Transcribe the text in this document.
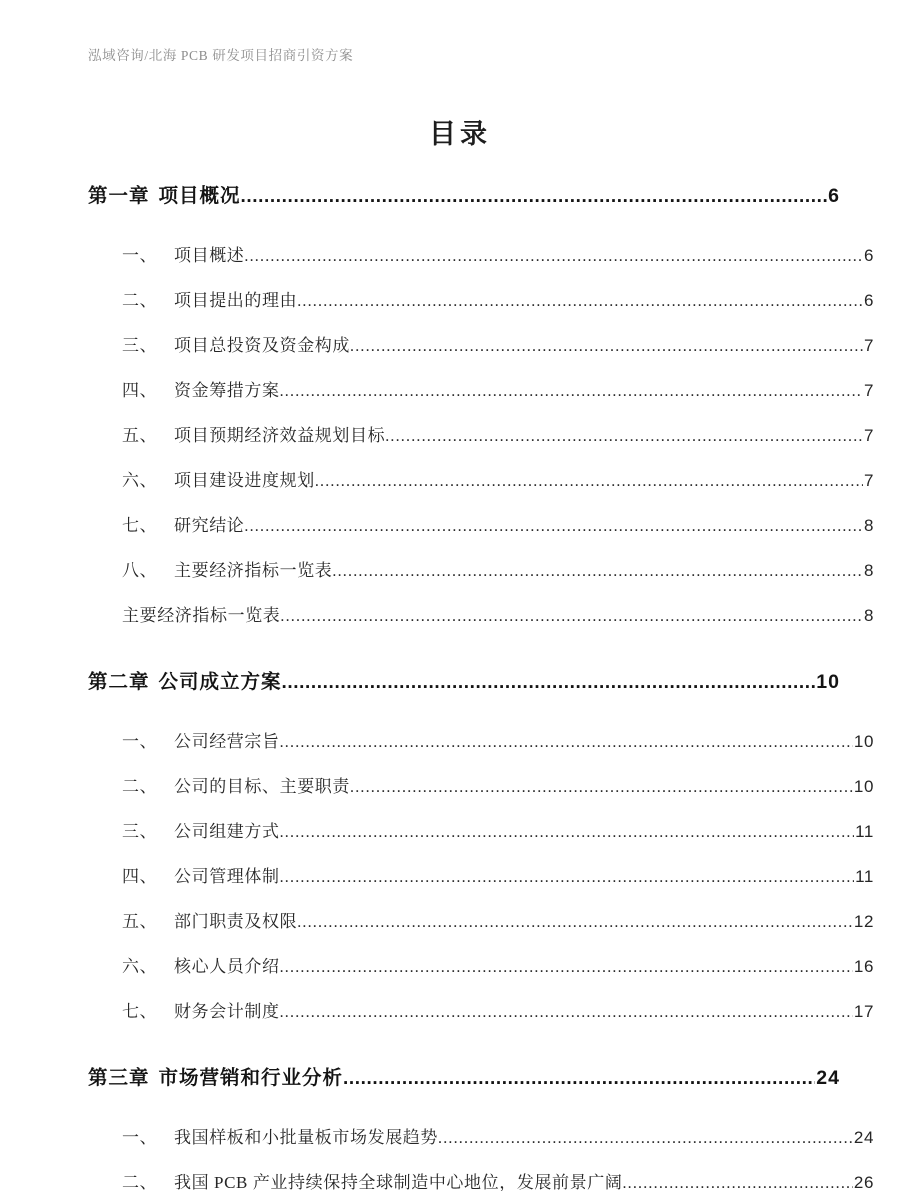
泓域咨询/北海 PCB 研发项目招商引资方案
目录
第一章 项目概况 .....	6
一、 项目概述 .....	6
二、 项目提出的理由 .....	6
三、 项目总投资及资金构成 .....	7
四、 资金筹措方案 .....	7
五、 项目预期经济效益规划目标 .....	7
六、 项目建设进度规划 .....	7
七、 研究结论 .....	8
八、 主要经济指标一览表 .....	8
主要经济指标一览表 .....	8
第二章 公司成立方案 .....	10
一、 公司经营宗旨 .....	10
二、 公司的目标、主要职责 .....	10
三、 公司组建方式 .....	11
四、 公司管理体制 .....	11
五、 部门职责及权限 .....	12
六、 核心人员介绍 .....	16
七、 财务会计制度 .....	17
第三章 市场营销和行业分析 .....	24
一、 我国样板和小批量板市场发展趋势 .....	24
二、 我国 PCB 产业持续保持全球制造中心地位，发展前景广阔 .....	26
